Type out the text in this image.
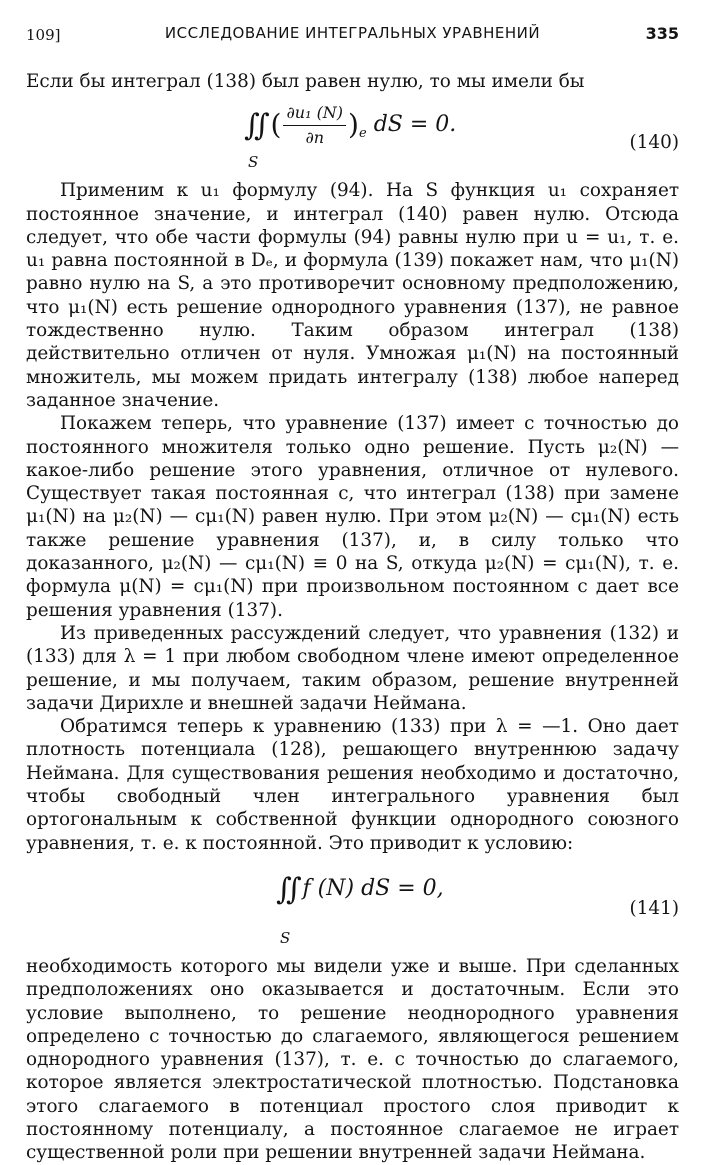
109]	ИССЛЕДОВАНИЕ ИНТЕГРАЛЬНЫХ УРАВНЕНИЙ	335

Если бы интеграл (138) был равен нулю, то мы имели бы

∬ ( $\frac{\text{∂u₁ (N)}}{\partial n} )_e$ dS = 0.
S
(140)

Применим к u₁ формулу (94). На S функция u₁ сохраняет постоянное значение, и интеграл (140) равен нулю. Отсюда следует, что обе части формулы (94) равны нулю при u = u₁, т. е. u₁ равна постоянной в Dₑ, и формула (139) покажет нам, что μ₁(N) равно нулю на S, а это противоречит основному предположению, что μ₁(N) есть решение однородного уравнения (137), не равное тождественно нулю. Таким образом интеграл (138) действительно отличен от нуля. Умножая μ₁(N) на постоянный множитель, мы можем придать интегралу (138) любое наперед заданное значение.

Покажем теперь, что уравнение (137) имеет с точностью до постоянного множителя только одно решение. Пусть μ₂(N) — какое-либо решение этого уравнения, отличное от нулевого. Существует такая постоянная c, что интеграл (138) при замене μ₁(N) на μ₂(N) — cμ₁(N) равен нулю. При этом μ₂(N) — cμ₁(N) есть также решение уравнения (137), и, в силу только что доказанного, μ₂(N) — cμ₁(N) ≡ 0 на S, откуда μ₂(N) = cμ₁(N), т. е. формула μ(N) = cμ₁(N) при произвольном постоянном c дает все решения уравнения (137).

Из приведенных рассуждений следует, что уравнения (132) и (133) для λ = 1 при любом свободном члене имеют определенное решение, и мы получаем, таким образом, решение внутренней задачи Дирихле и внешней задачи Неймана.

Обратимся теперь к уравнению (133) при λ = —1. Оно дает плотность потенциала (128), решающего внутреннюю задачу Неймана. Для существования решения необходимо и достаточно, чтобы свободный член интегрального уравнения был ортогональным к собственной функции однородного союзного уравнения, т. е. к постоянной. Это приводит к условию:

∬ f (N) dS = 0,
S
(141)

необходимость которого мы видели уже и выше. При сделанных предположениях оно оказывается и достаточным. Если это условие выполнено, то решение неоднородного уравнения определено с точностью до слагаемого, являющегося решением однородного уравнения (137), т. е. с точностью до слагаемого, которое является электростатической плотностью. Подстановка этого слагаемого в потенциал простого слоя приводит к постоянному потенциалу, а постоянное слагаемое не играет существенной роли при решении внутренней задачи Неймана.
